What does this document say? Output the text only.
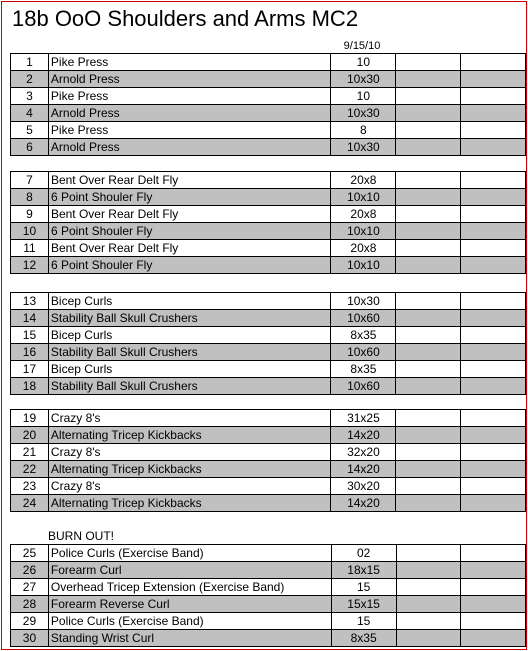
18b OoO Shoulders and Arms MC2
9/15/10
1	Pike Press	10		
2	Arnold Press	10x30		
3	Pike Press	10		
4	Arnold Press	10x30		
5	Pike Press	8		
6	Arnold Press	10x30		
7	Bent Over Rear Delt Fly	20x8		
8	6 Point Shouler Fly	10x10		
9	Bent Over Rear Delt Fly	20x8		
10	6 Point Shouler Fly	10x10		
11	Bent Over Rear Delt Fly	20x8		
12	6 Point Shouler Fly	10x10		
13	Bicep Curls	10x30		
14	Stability Ball Skull Crushers	10x60		
15	Bicep Curls	8x35		
16	Stability Ball Skull Crushers	10x60		
17	Bicep Curls	8x35		
18	Stability Ball Skull Crushers	10x60		
19	Crazy 8's	31x25		
20	Alternating Tricep Kickbacks	14x20		
21	Crazy 8's	32x20		
22	Alternating Tricep Kickbacks	14x20		
23	Crazy 8's	30x20		
24	Alternating Tricep Kickbacks	14x20		
BURN OUT!
25	Police Curls (Exercise Band)	02		
26	Forearm Curl	18x15		
27	Overhead Tricep Extension (Exercise Band)	15		
28	Forearm Reverse Curl	15x15		
29	Police Curls (Exercise Band)	15		
30	Standing Wrist Curl	8x35		
